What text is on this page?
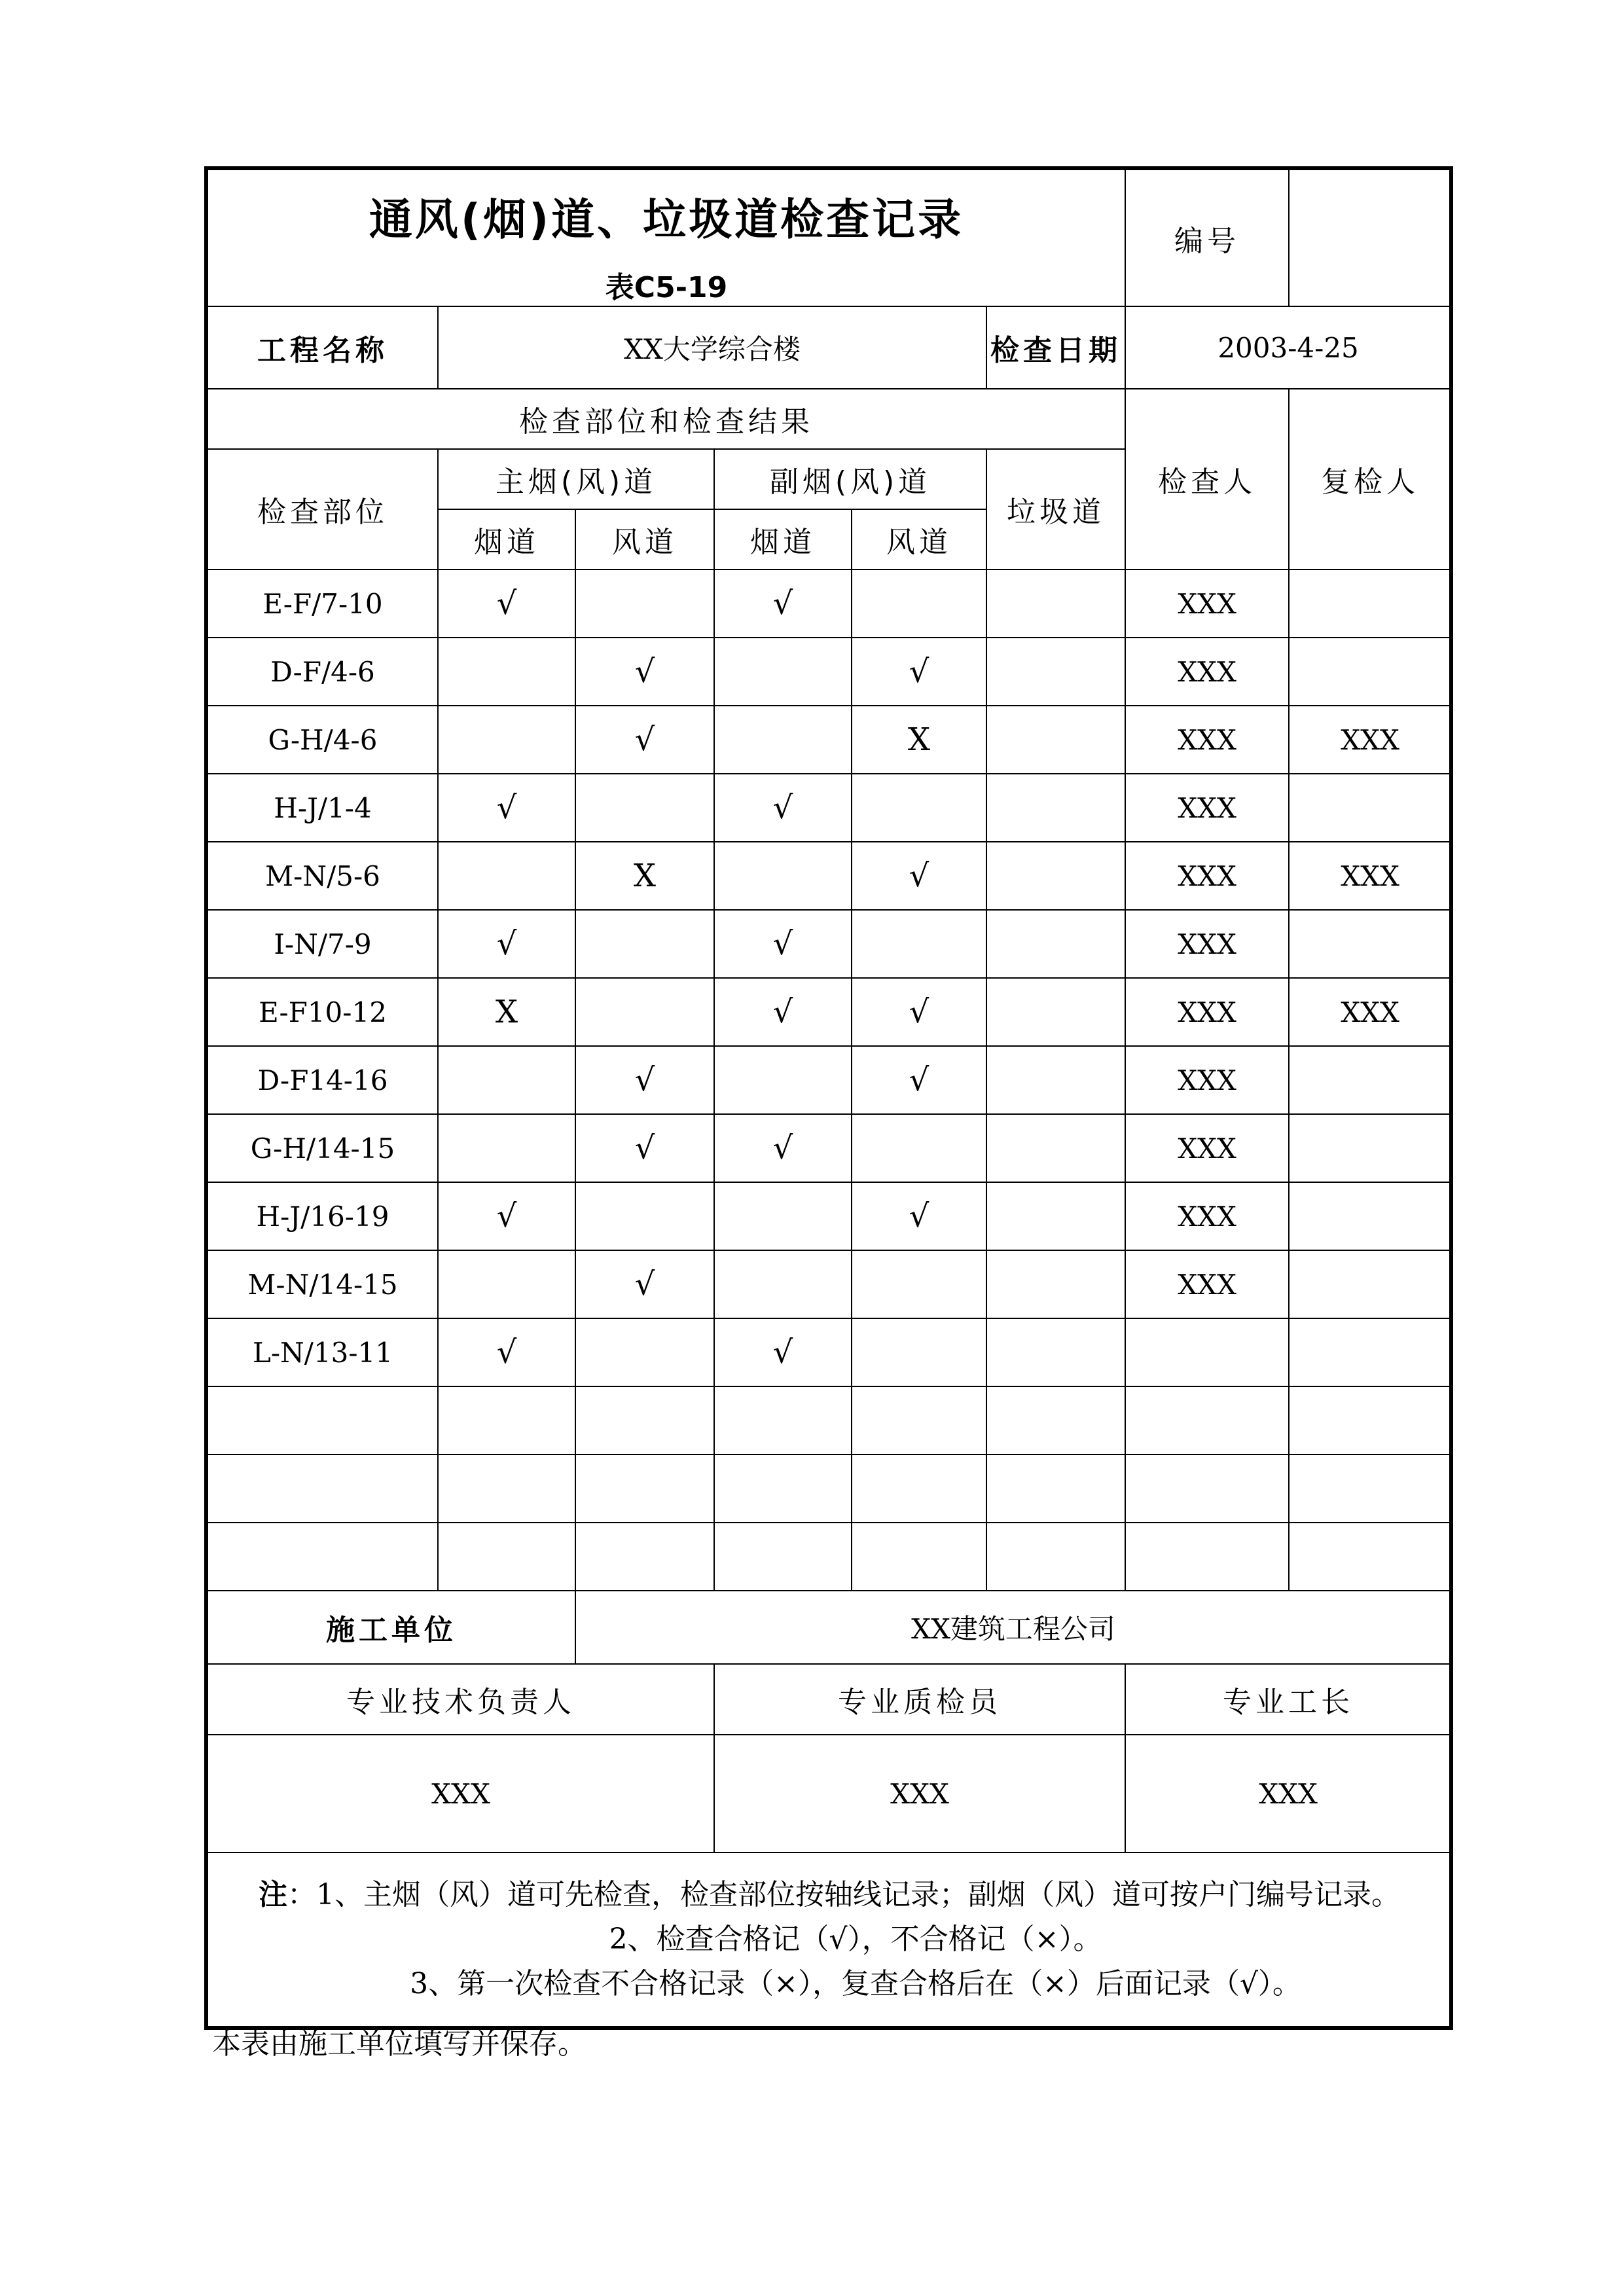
通风(烟)道、垃圾道检查记录
表C5-19						编号	
工程名称	XX大学综合楼				检查日期	2003-4-25	
检查部位和检查结果						检查人	复检人
检查部位	主烟(风)道		副烟(风)道		垃圾道		
	烟道	风道	烟道	风道			
E-F/7-10	√		√			XXX	
D-F/4-6		√		√		XXX	
G-H/4-6		√		X		XXX	XXX
H-J/1-4	√		√			XXX	
M-N/5-6		X		√		XXX	XXX
I-N/7-9	√		√			XXX	
E-F10-12	X		√	√		XXX	XXX
D-F14-16		√		√		XXX	
G-H/14-15		√	√			XXX	
H-J/16-19	√			√		XXX	
M-N/14-15		√				XXX	
L-N/13-11	√		√				

施工单位		XX建筑工程公司					
专业技术负责人			专业质检员			专业工长	
XXX			XXX			XXX	

注：1、主烟（风）道可先检查，检查部位按轴线记录；副烟（风）道可按户门编号记录。
2、检查合格记（√），不合格记（×）。
3、第一次检查不合格记录（×），复查合格后在（×）后面记录（√）。							
本表由施工单位填写并保存。
